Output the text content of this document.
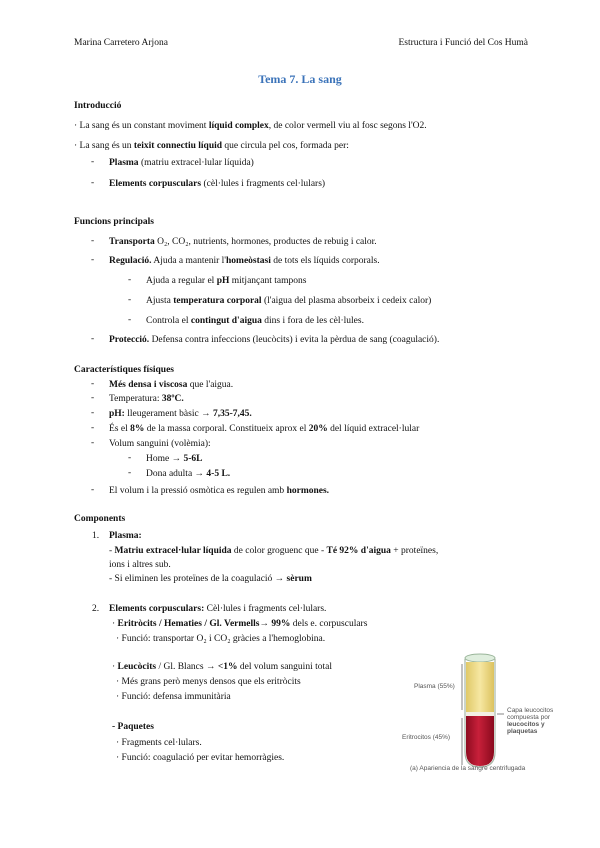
Marina Carretero Arjona	Estructura i Funció del Cos Humà
Tema 7. La sang
Introducció
· La sang és un constant moviment líquid complex, de color vermell viu al fosc segons l'O2.
· La sang és un teixit connectiu líquid que circula pel cos, formada per:
- Plasma (matriu extracel·lular líquida)
- Elements corpusculars (cèl·lules i fragments cel·lulars)
Funcions principals
- Transporta O₂, CO₂, nutrients, hormones, productes de rebuig i calor.
- Regulació. Ajuda a mantenir l'homeòstasi de tots els líquids corporals.
- Ajuda a regular el pH mitjançant tampons
- Ajusta temperatura corporal (l'aigua del plasma absorbeix i cedeix calor)
- Controla el contingut d'aigua dins i fora de les cèl·lules.
- Protecció. Defensa contra infeccions (leucòcits) i evita la pèrdua de sang (coagulació).
Característiques físiques
- Més densa i viscosa que l'aigua.
- Temperatura: 38ºC.
- pH: lleugerament bàsic → 7,35-7,45.
- És el 8% de la massa corporal. Constitueix aprox el 20% del líquid extracel·lular
- Volum sanguini (volèmia):
- Home → 5-6L
- Dona adulta → 4-5 L.
- El volum i la pressió osmòtica es regulen amb hormones.
Components
1. Plasma:
- Matriu extracel·lular líquida de color groguenc que - Té 92% d'aigua + proteïnes,
ions i altres sub.
- Si eliminen les proteïnes de la coagulació → sèrum
2. Elements corpusculars: Cèl·lules i fragments cel·lulars.
· Eritròcits / Hematies / Gl. Vermells→ 99% dels e. corpusculars
· Funció: transportar O₂ i CO₂ gràcies a l'hemoglobina.
· Leucòcits / Gl. Blancs → <1% del volum sanguini total
· Més grans però menys densos que els eritròcits
· Funció: defensa immunitària
- Paquetes
· Fragments cel·lulars.
· Funció: coagulació per evitar hemorràgies.
Plasma (55%)
Eritrocitos (45%)
Capa leucocitos
compuesta por
leucocitos y
plaquetas
(a) Apariencia de la sangre centrifugada
